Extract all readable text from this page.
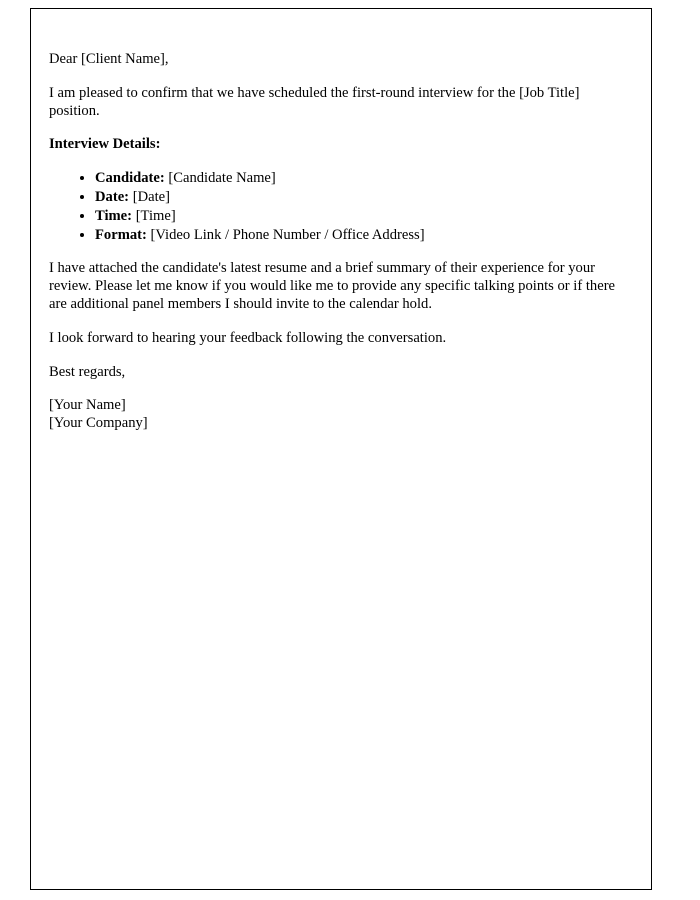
Dear [Client Name],

I am pleased to confirm that we have scheduled the first-round interview for the [Job Title] position.

Interview Details:

• Candidate: [Candidate Name]
• Date: [Date]
• Time: [Time]
• Format: [Video Link / Phone Number / Office Address]

I have attached the candidate's latest resume and a brief summary of their experience for your review. Please let me know if you would like me to provide any specific talking points or if there are additional panel members I should invite to the calendar hold.

I look forward to hearing your feedback following the conversation.

Best regards,

[Your Name]

[Your Company]
